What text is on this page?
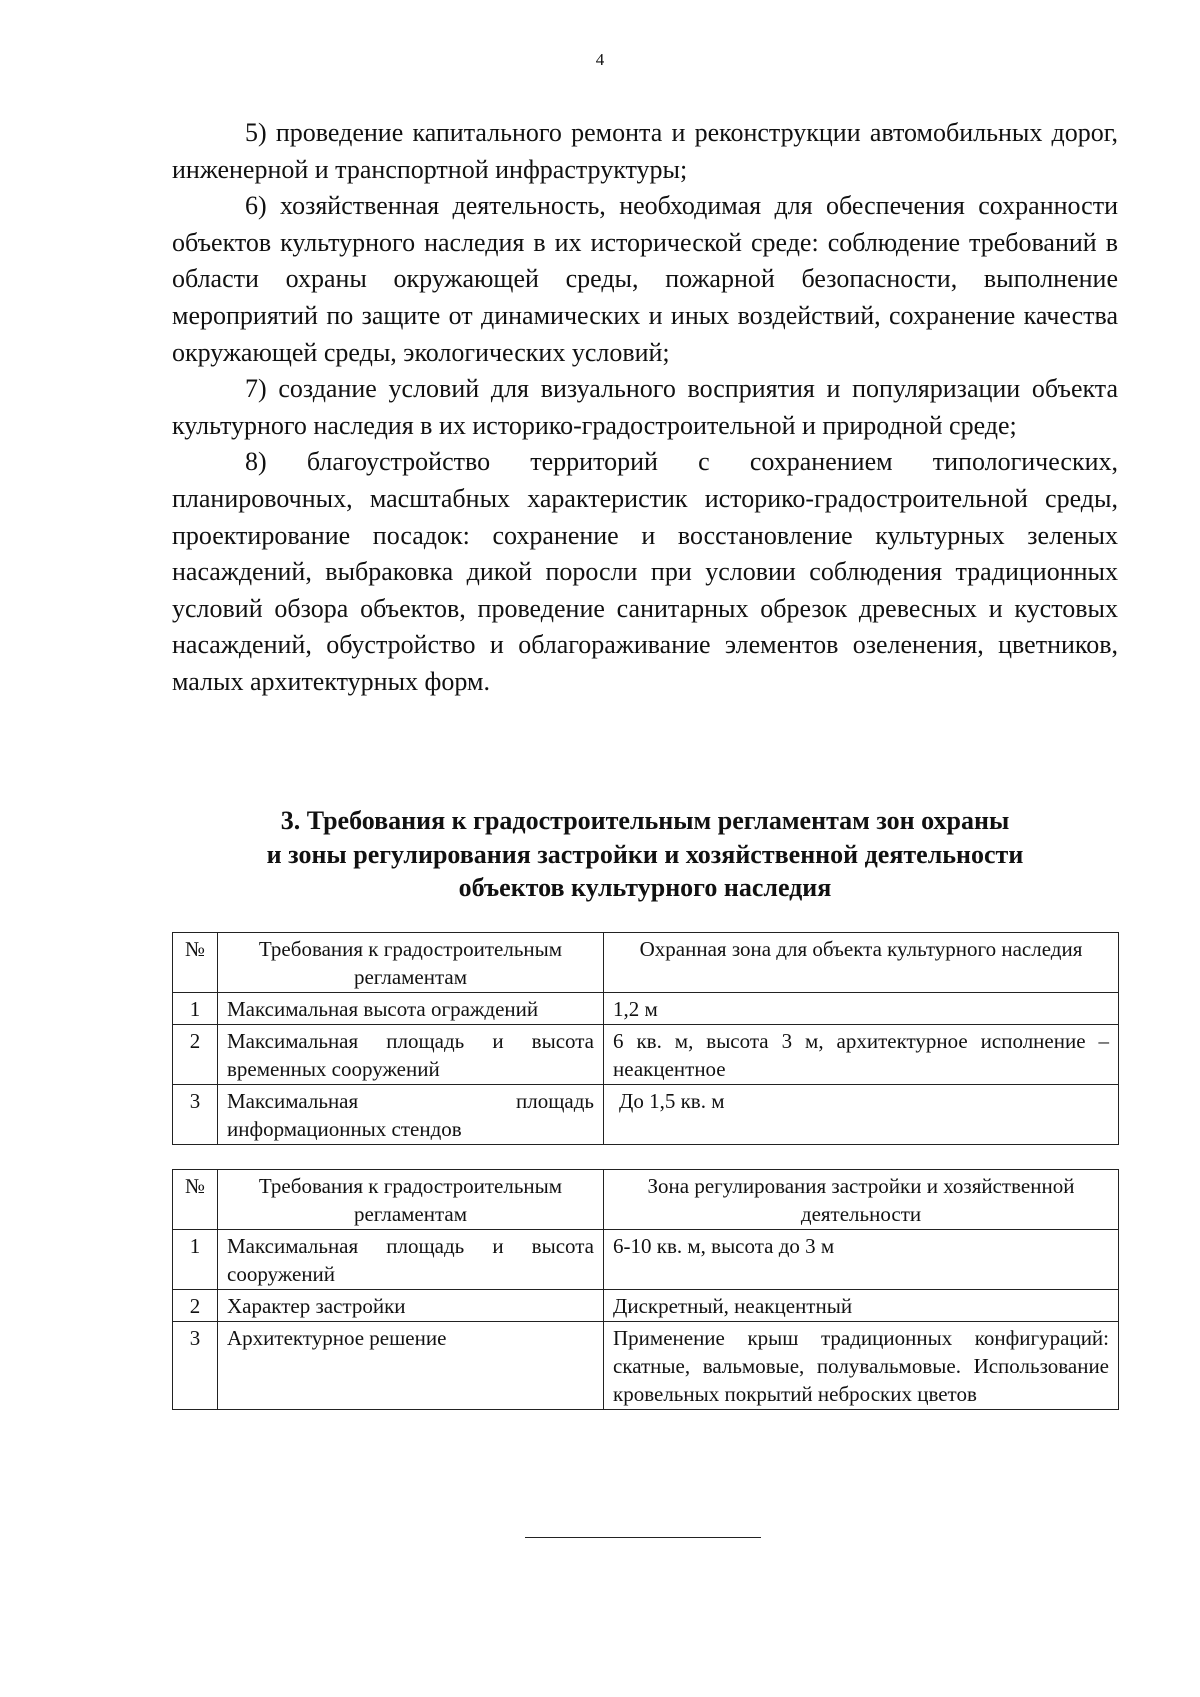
4

5) проведение капитального ремонта и реконструкции автомобильных дорог, инженерной и транспортной инфраструктуры;

6) хозяйственная деятельность, необходимая для обеспечения сохранности объектов культурного наследия в их исторической среде: соблюдение требований в области охраны окружающей среды, пожарной безопасности, выполнение мероприятий по защите от динамических и иных воздействий, сохранение качества окружающей среды, экологических условий;

7) создание условий для визуального восприятия и популяризации объекта культурного наследия в их историко-градостроительной и природной среде;

8) благоустройство территорий с сохранением типологических, планировочных, масштабных характеристик историко-градостроительной среды, проектирование посадок: сохранение и восстановление культурных зеленых насаждений, выбраковка дикой поросли при условии соблюдения традиционных условий обзора объектов, проведение санитарных обрезок древесных и кустовых насаждений, обустройство и облагораживание элементов озеленения, цветников, малых архитектурных форм.

3. Требования к градостроительным регламентам зон охраны
и зоны регулирования застройки и хозяйственной деятельности
объектов культурного наследия
№	Требования к градостроительным регламентам	Охранная зона для объекта культурного наследия
1	Максимальная высота ограждений	1,2 м
2	Максимальная площадь и высота временных сооружений	6 кв. м, высота 3 м, архитектурное исполнение – неакцентное
3	Максимальная площадь информационных стендов	До 1,5 кв. м
№	Требования к градостроительным регламентам	Зона регулирования застройки и хозяйственной деятельности
1	Максимальная площадь и высота сооружений	6-10 кв. м, высота до 3 м
2	Характер застройки	Дискретный, неакцентный
3	Архитектурное решение	Применение крыш традиционных конфигураций: скатные, вальмовые, полувальмовые. Использование кровельных покрытий неброских цветов
